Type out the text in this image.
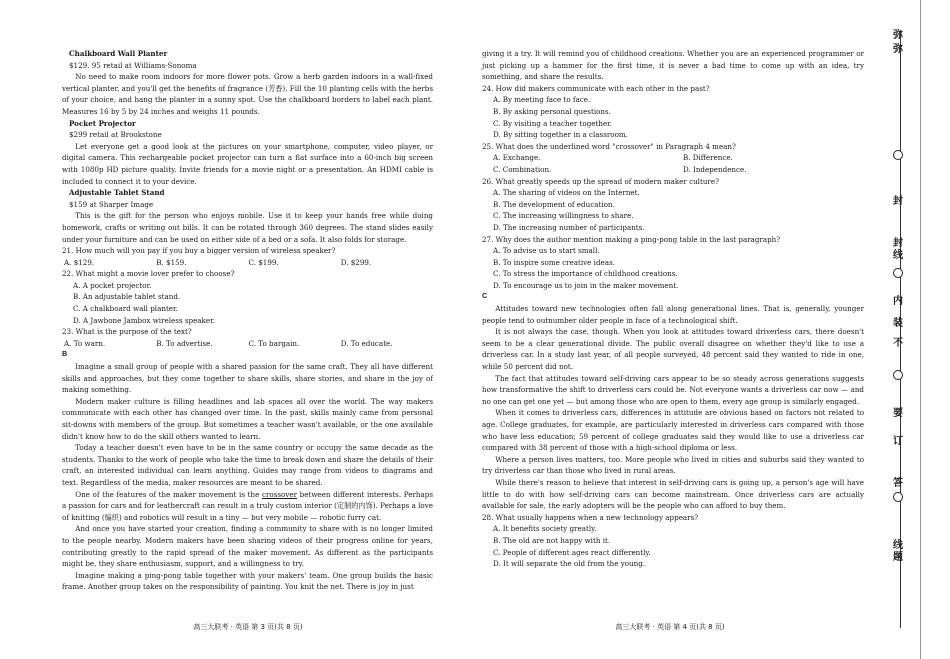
Chalkboard Wall Planter

$129. 95 retail at Williams-Sonoma

No need to make room indoors for more flower pots. Grow a herb garden indoors in a wall-fixed vertical planter, and you'll get the benefits of fragrance (芳香). Fill the 10 planting cells with the herbs of your choice, and hang the planter in a sunny spot. Use the chalkboard borders to label each plant. Measures 16 by 5 by 24 inches and weighs 11 pounds.

Pocket Projector

$299 retail at Brookstone

Let everyone get a good look at the pictures on your smartphone, computer, video player, or digital camera. This rechargeable pocket projector can turn a flat surface into a 60-inch big screen with 1080p HD picture quality. Invite friends for a movie night or a presentation. An HDMI cable is included to connect it to your device.

Adjustable Tablet Stand

$159 at Sharper Image

This is the gift for the person who enjoys mobile. Use it to keep your hands free while doing homework, crafts or writing out bills. It can be rotated through 360 degrees. The stand slides easily under your furniture and can be used on either side of a bed or a sofa. It also folds for storage.

21. How much will you pay if you buy a bigger version of wireless speaker?

A. $129.	B. $159.	C. $199.	D. $299.

22. What might a movie lover prefer to choose?

A. A pocket projector.

B. An adjustable tablet stand.

C. A chalkboard wall planter.

D. A Jawbone Jambox wireless speaker.

23. What is the purpose of the text?

A. To warn.	B. To advertise.	C. To bargain.	D. To educate.

B

Imagine a small group of people with a shared passion for the same craft. They all have different skills and approaches, but they come together to share skills, share stories, and share in the joy of making something.

Modern maker culture is filling headlines and lab spaces all over the world. The way makers communicate with each other has changed over time. In the past, skills mainly came from personal sit-downs with members of the group. But sometimes a teacher wasn't available, or the one available didn't know how to do the skill others wanted to learn.

Today a teacher doesn't even have to be in the same country or occupy the same decade as the students. Thanks to the work of people who take the time to break down and share the details of their craft, an interested individual can learn anything. Guides may range from videos to diagrams and text. Regardless of the media, maker resources are meant to be shared.

One of the features of the maker movement is the crossover between different interests. Perhaps a passion for cars and for leathercraft can result in a truly custom interior (定制的内饰). Perhaps a love of knitting (编织) and robotics will result in a tiny — but very mobile — robotic furry cat.

And once you have started your creation, finding a community to share with is no longer limited to the people nearby. Modern makers have been sharing videos of their progress online for years, contributing greatly to the rapid spread of the maker movement. As different as the participants might be, they share enthusiasm, support, and a willingness to try.

Imagine making a ping-pong table together with your makers' team. One group builds the basic frame. Another group takes on the responsibility of painting. You knit the net. There is joy in just

giving it a try. It will remind you of childhood creations. Whether you are an experienced programmer or just picking up a hammer for the first time, it is never a bad time to come up with an idea, try something, and share the results.

24. How did makers communicate with each other in the past?

A. By meeting face to face.

B. By asking personal questions.

C. By visiting a teacher together.

D. By sitting together in a classroom.

25. What does the underlined word "crossover" in Paragraph 4 mean?

A. Exchange.	B. Difference.
C. Combination.	D. Independence.

26. What greatly speeds up the spread of modern maker culture?

A. The sharing of videos on the Internet.

B. The development of education.

C. The increasing willingness to share.

D. The increasing number of participants.

27. Why does the author mention making a ping-pong table in the last paragraph?

A. To advise us to start small.

B. To inspire some creative ideas.

C. To stress the importance of childhood creations.

D. To encourage us to join in the maker movement.

C

Attitudes toward new technologies often fall along generational lines. That is, generally, younger people tend to outnumber older people in face of a technological shift.

It is not always the case, though. When you look at attitudes toward driverless cars, there doesn't seem to be a clear generational divide. The public overall disagree on whether they'd like to use a driverless car. In a study last year, of all people surveyed, 48 percent said they wanted to ride in one, while 50 percent did not.

The fact that attitudes toward self-driving cars appear to be so steady across generations suggests how transformative the shift to driverless cars could be. Not everyone wants a driverless car now — and no one can get one yet — but among those who are open to them, every age group is similarly engaged.

When it comes to driverless cars, differences in attitude are obvious based on factors not related to age. College graduates, for example, are particularly interested in driverless cars compared with those who have less education; 59 percent of college graduates said they would like to use a driverless car compared with 38 percent of those with a high-school diploma or less.

Where a person lives matters, too. More people who lived in cities and suburbs said they wanted to try driverless car than those who lived in rural areas.

While there's reason to believe that interest in self-driving cars is going up, a person's age will have little to do with how self-driving cars can become mainstream. Once driverless cars are actually available for sale, the early adopters will be the people who can afford to buy them.

28. What usually happens when a new technology appears?

A. It benefits society greatly.

B. The old are not happy with it.

C. People of different ages react differently.

D. It will separate the old from the young.

高三大联考 · 英语 第 3 页(共 8 页)	高三大联考 · 英语 第 4 页(共 8 页)
弥
弥
封
封
线
内
装
不
要
订
答
线
题
